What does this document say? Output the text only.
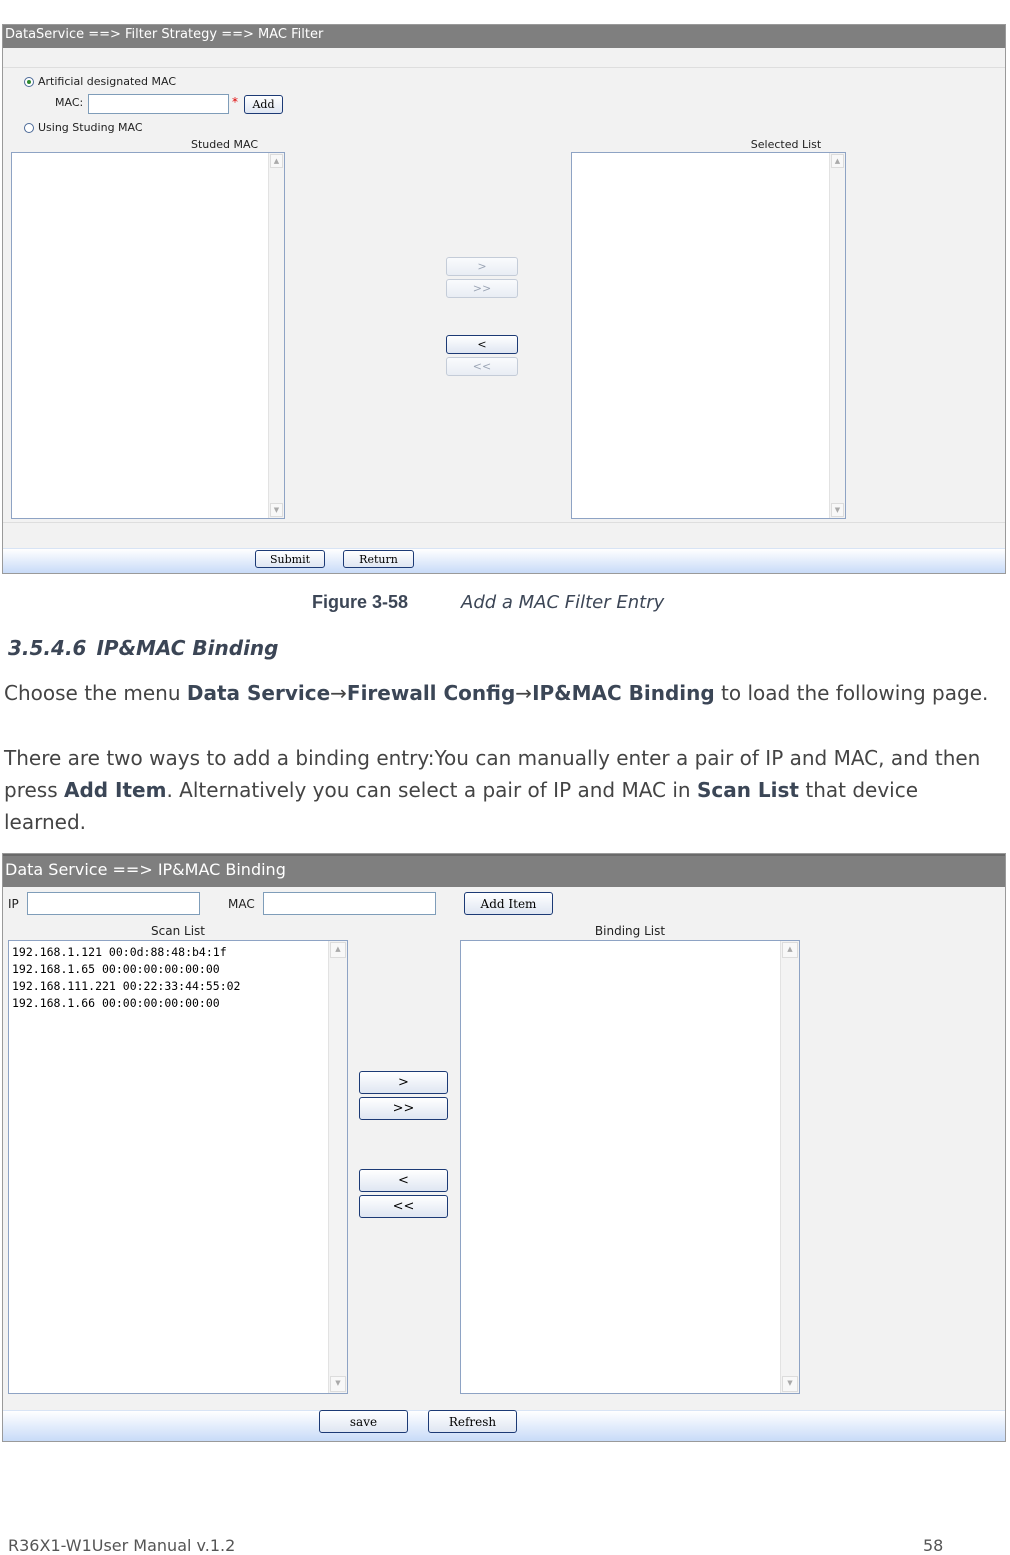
DataService ==> Filter Strategy ==> MAC Filter
Artificial designated MAC
MAC:	*	Add
Using Studing MAC
Studed MAC
▲
▼
Selected List
▲
▼
>
>>
<
<<
Submit	Return
Figure 3-58	Add a MAC Filter Entry
3.5.4.6 IP&MAC Binding
Choose the menu Data Service→Firewall Config→IP&MAC Binding to load the following page.
There are two ways to add a binding entry:You can manually enter a pair of IP and MAC, and then press Add Item. Alternatively you can select a pair of IP and MAC in Scan List that device learned.
Data Service ==> IP&MAC Binding
IP	MAC	Add Item
Scan List
192.168.1.121 00:0d:88:48:b4:1f
192.168.1.65 00:00:00:00:00:00
192.168.111.221 00:22:33:44:55:02
192.168.1.66 00:00:00:00:00:00
▲
▼
Binding List
▲
▼
>
>>
<
<<
save	Refresh
R36X1-W1User Manual v.1.2	58
